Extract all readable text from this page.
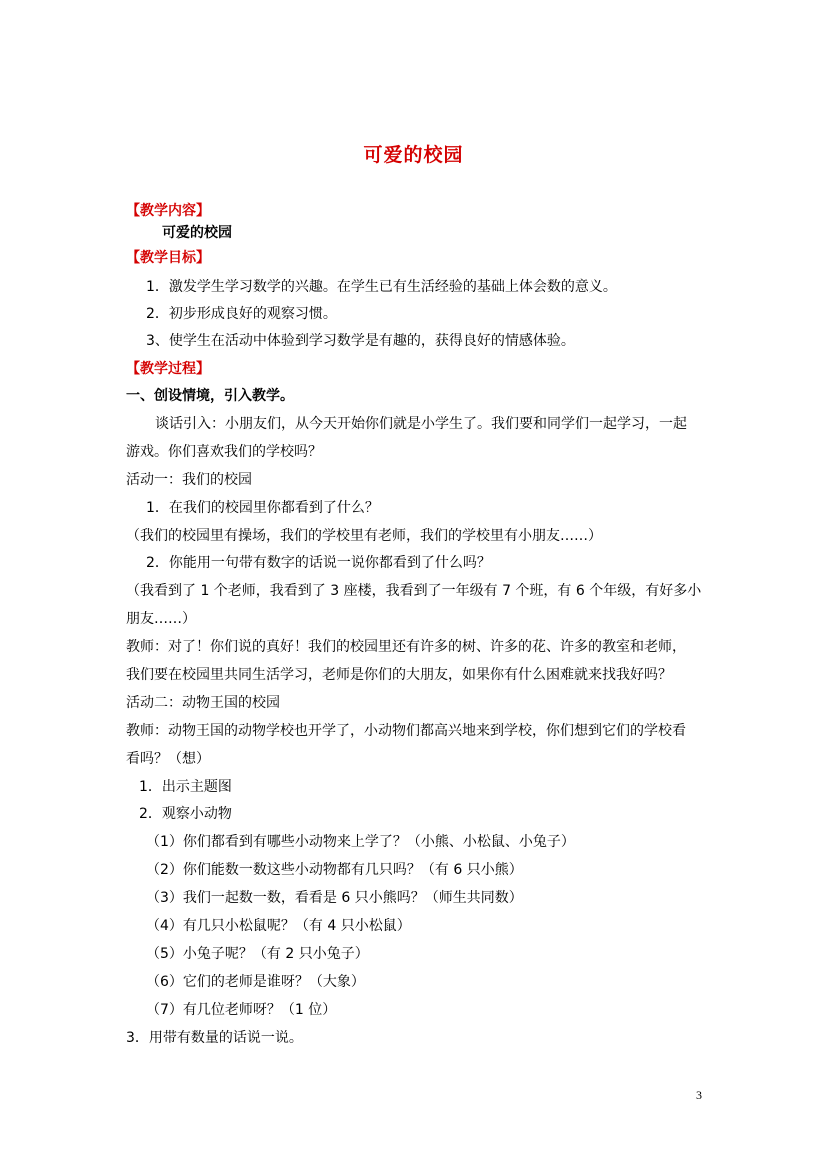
可爱的校园
【教学内容】
可爱的校园
【教学目标】
1．激发学生学习数学的兴趣。在学生已有生活经验的基础上体会数的意义。
2．初步形成良好的观察习惯。
3、使学生在活动中体验到学习数学是有趣的，获得良好的情感体验。
【教学过程】
一、创设情境，引入教学。
谈话引入：小朋友们，从今天开始你们就是小学生了。我们要和同学们一起学习，一起
游戏。你们喜欢我们的学校吗？
活动一：我们的校园
1．在我们的校园里你都看到了什么？
（我们的校园里有操场，我们的学校里有老师，我们的学校里有小朋友……）
2．你能用一句带有数字的话说一说你都看到了什么吗？
（我看到了 1 个老师，我看到了 3 座楼，我看到了一年级有 7 个班，有 6 个年级，有好多小
朋友……）
教师：对了！你们说的真好！我们的校园里还有许多的树、许多的花、许多的教室和老师，
我们要在校园里共同生活学习，老师是你们的大朋友，如果你有什么困难就来找我好吗？
活动二：动物王国的校园
教师：动物王国的动物学校也开学了，小动物们都高兴地来到学校，你们想到它们的学校看
看吗？（想）
1．出示主题图
2．观察小动物
（1）你们都看到有哪些小动物来上学了？（小熊、小松鼠、小兔子）
（2）你们能数一数这些小动物都有几只吗？（有 6 只小熊）
（3）我们一起数一数，看看是 6 只小熊吗？（师生共同数）
（4）有几只小松鼠呢？（有 4 只小松鼠）
（5）小兔子呢？（有 2 只小兔子）
（6）它们的老师是谁呀？（大象）
（7）有几位老师呀？（1 位）
3．用带有数量的话说一说。
3
